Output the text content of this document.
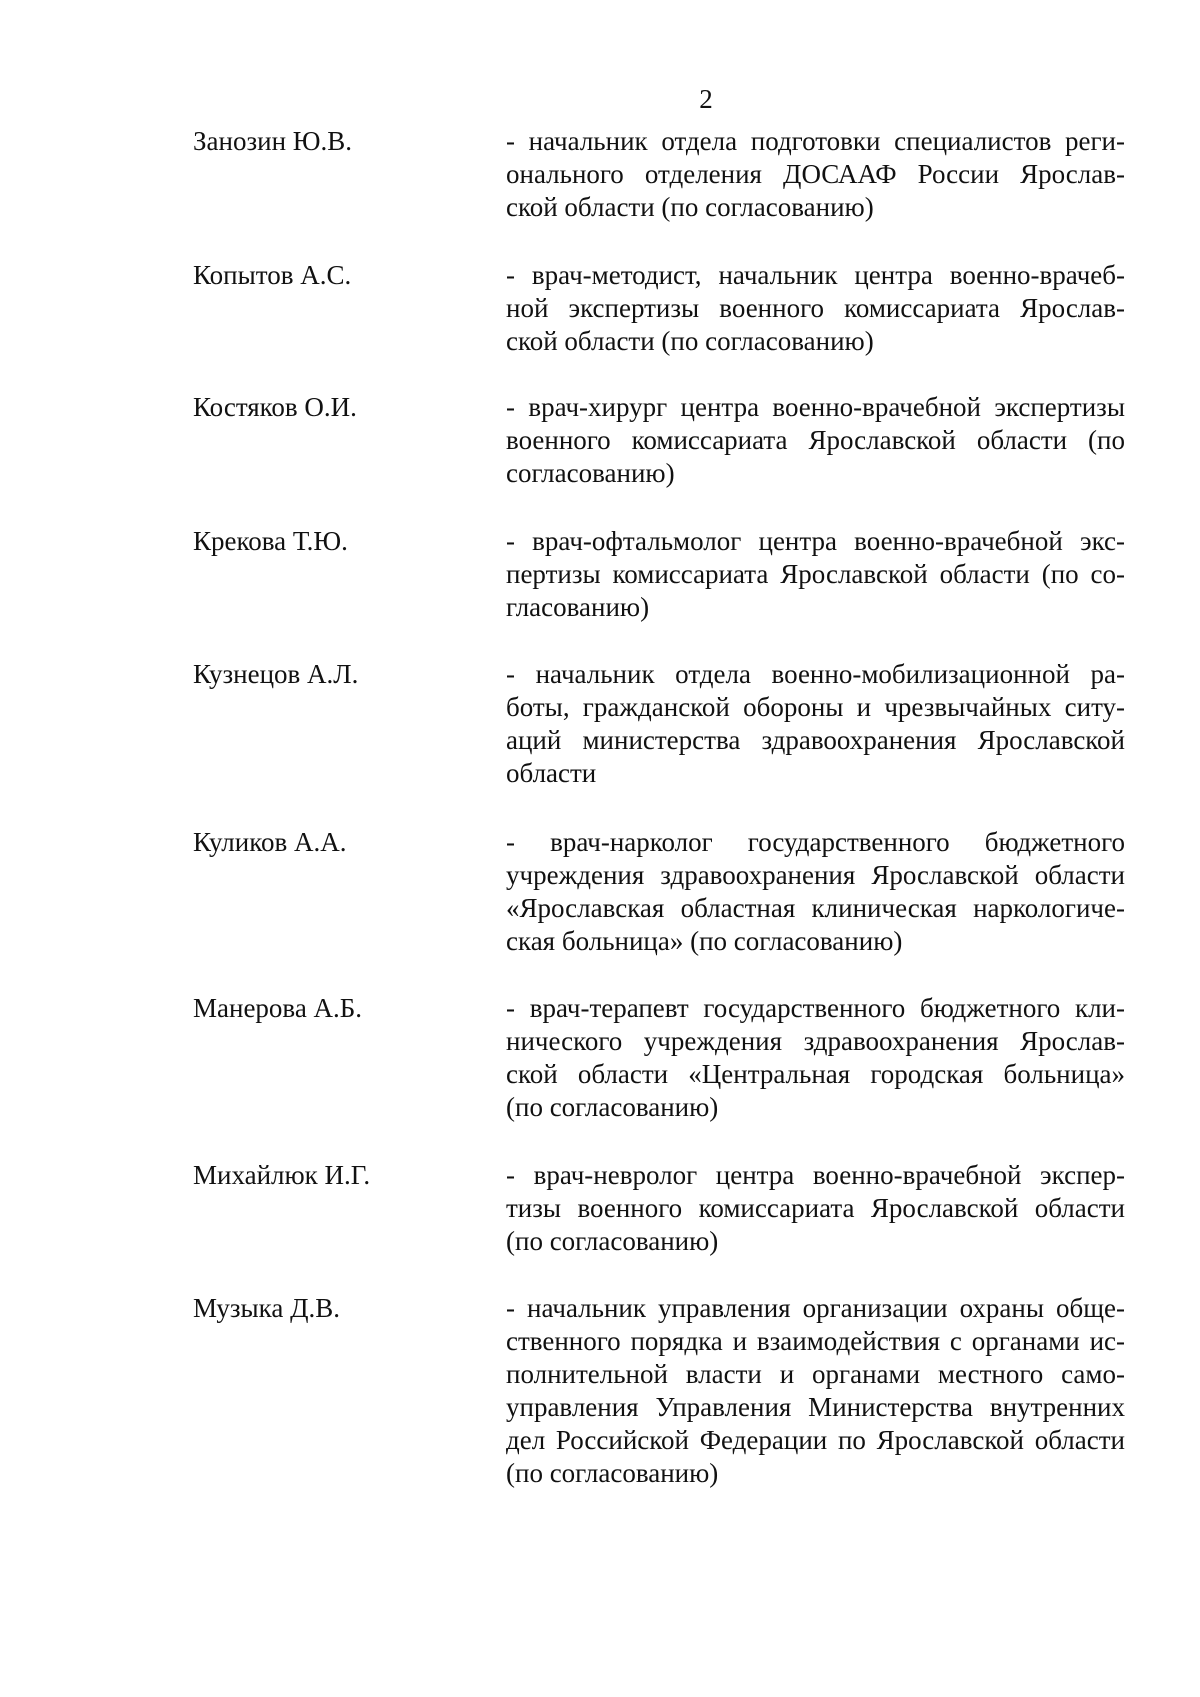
2
Занозин Ю.В.	- начальник отдела подготовки специалистов реги-
онального отделения ДОСААФ России Ярослав-
ской области (по согласованию)
Копытов А.С.	- врач-методист, начальник центра военно-врачеб-
ной экспертизы военного комиссариата Ярослав-
ской области (по согласованию)
Костяков О.И.	- врач-хирург центра военно-врачебной экспертизы
военного комиссариата Ярославской области (по
согласованию)
Крекова Т.Ю.	- врач-офтальмолог центра военно-врачебной экс-
пертизы комиссариата Ярославской области (по со-
гласованию)
Кузнецов А.Л.	- начальник отдела военно-мобилизационной ра-
боты, гражданской обороны и чрезвычайных ситу-
аций министерства здравоохранения Ярославской
области
Куликов А.А.	- врач-нарколог государственного бюджетного
учреждения здравоохранения Ярославской области
«Ярославская областная клиническая наркологиче-
ская больница» (по согласованию)
Манерова А.Б.	- врач-терапевт государственного бюджетного кли-
нического учреждения здравоохранения Ярослав-
ской области «Центральная городская больница»
(по согласованию)
Михайлюк И.Г.	- врач-невролог центра военно-врачебной экспер-
тизы военного комиссариата Ярославской области
(по согласованию)
Музыка Д.В.	- начальник управления организации охраны обще-
ственного порядка и взаимодействия с органами ис-
полнительной власти и органами местного само-
управления Управления Министерства внутренних
дел Российской Федерации по Ярославской области
(по согласованию)
